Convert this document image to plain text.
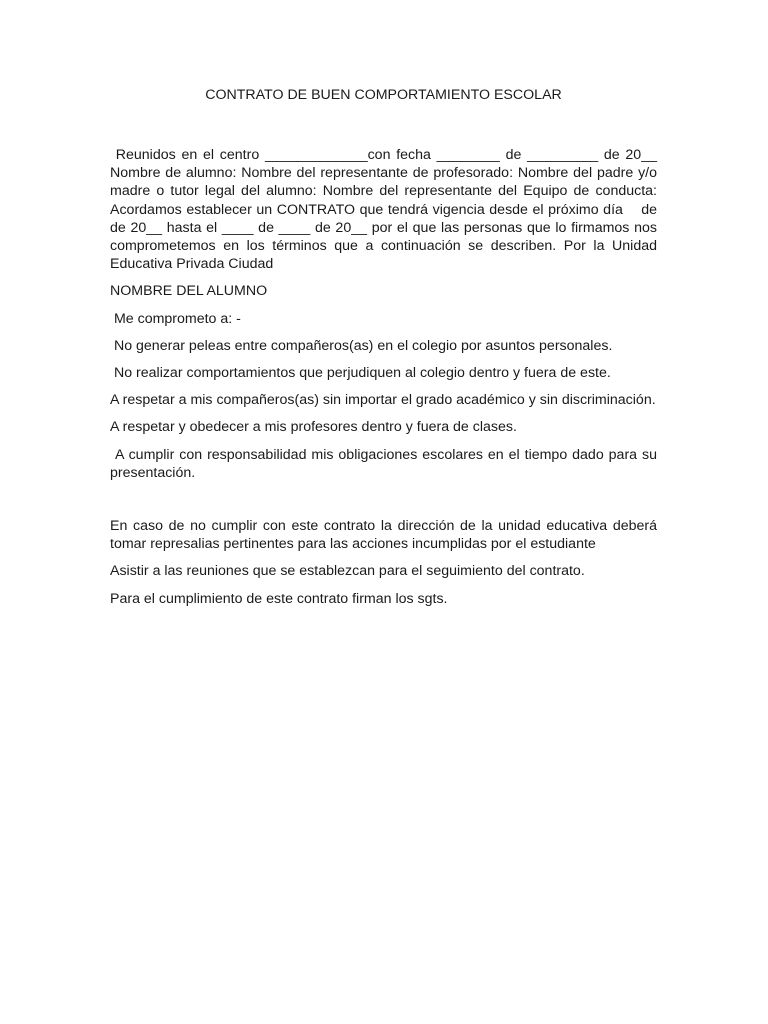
CONTRATO DE BUEN COMPORTAMIENTO ESCOLAR

Reunidos en el centro _____________con fecha ________ de _________ de 20__ Nombre de alumno: Nombre del representante de profesorado: Nombre del padre y/o madre o tutor legal del alumno: Nombre del representante del Equipo de conducta: Acordamos establecer un CONTRATO que tendrá vigencia desde el próximo día    de     de 20__ hasta el ____ de ____ de 20__ por el que las personas que lo firmamos nos comprometemos en los términos que a continuación se describen. Por la Unidad Educativa Privada Ciudad

NOMBRE DEL ALUMNO

Me comprometo a: -

No generar peleas entre compañeros(as) en el colegio por asuntos personales.

No realizar comportamientos que perjudiquen al colegio dentro y fuera de este.

A respetar a mis compañeros(as) sin importar el grado académico y sin discriminación.

A respetar y obedecer a mis profesores dentro y fuera de clases.

A cumplir con responsabilidad mis obligaciones escolares en el tiempo dado para su presentación.

En caso de no cumplir con este contrato la dirección de la unidad educativa deberá tomar represalias pertinentes para las acciones incumplidas por el estudiante

Asistir a las reuniones que se establezcan para el seguimiento del contrato.

Para el cumplimiento de este contrato firman los sgts.
